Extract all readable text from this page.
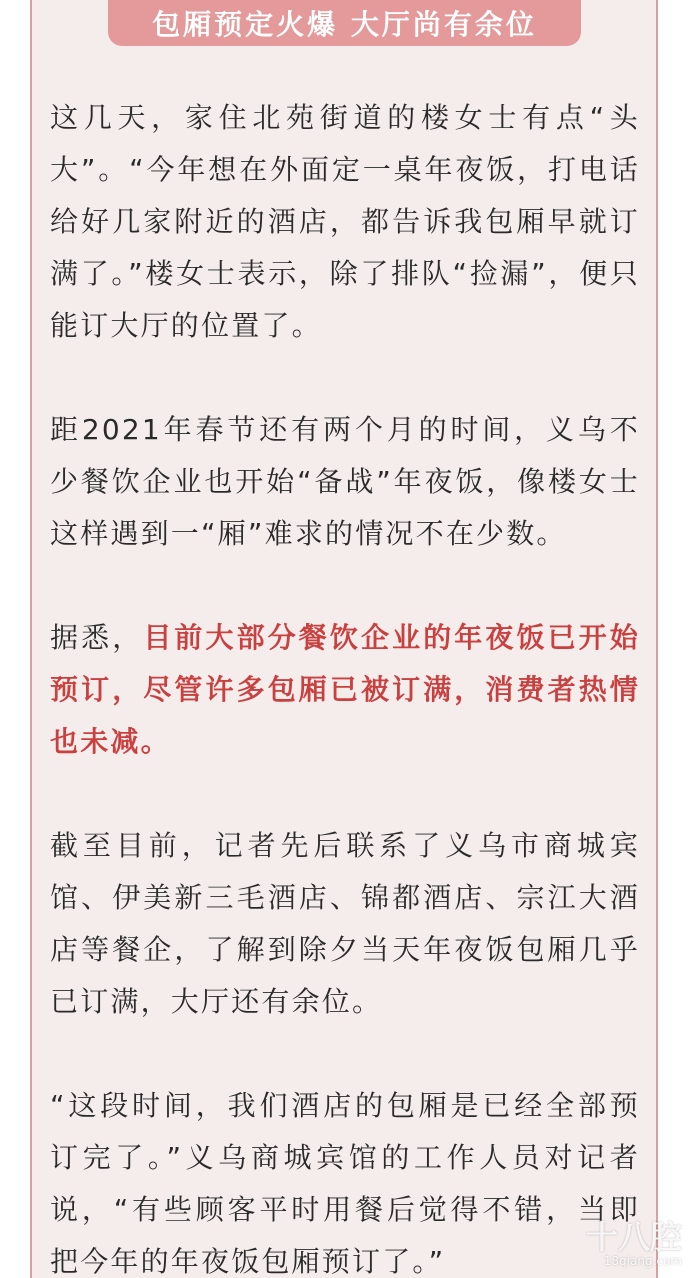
包厢预定火爆 大厅尚有余位

这几天，家住北苑街道的楼女士有点“头大”。“今年想在外面定一桌年夜饭，打电话给好几家附近的酒店，都告诉我包厢早就订满了。”楼女士表示，除了排队“捡漏”，便只能订大厅的位置了。

距2021年春节还有两个月的时间，义乌不少餐饮企业也开始“备战”年夜饭，像楼女士这样遇到一“厢”难求的情况不在少数。

据悉，目前大部分餐饮企业的年夜饭已开始预订，尽管许多包厢已被订满，消费者热情也未减。

截至目前，记者先后联系了义乌市商城宾馆、伊美新三毛酒店、锦都酒店、宗江大酒店等餐企，了解到除夕当天年夜饭包厢几乎已订满，大厅还有余位。

“这段时间，我们酒店的包厢是已经全部预订完了。”义乌商城宾馆的工作人员对记者说，“有些顾客平时用餐后觉得不错，当即把今年的年夜饭包厢预订了。”

十八腔
18qiang.com
